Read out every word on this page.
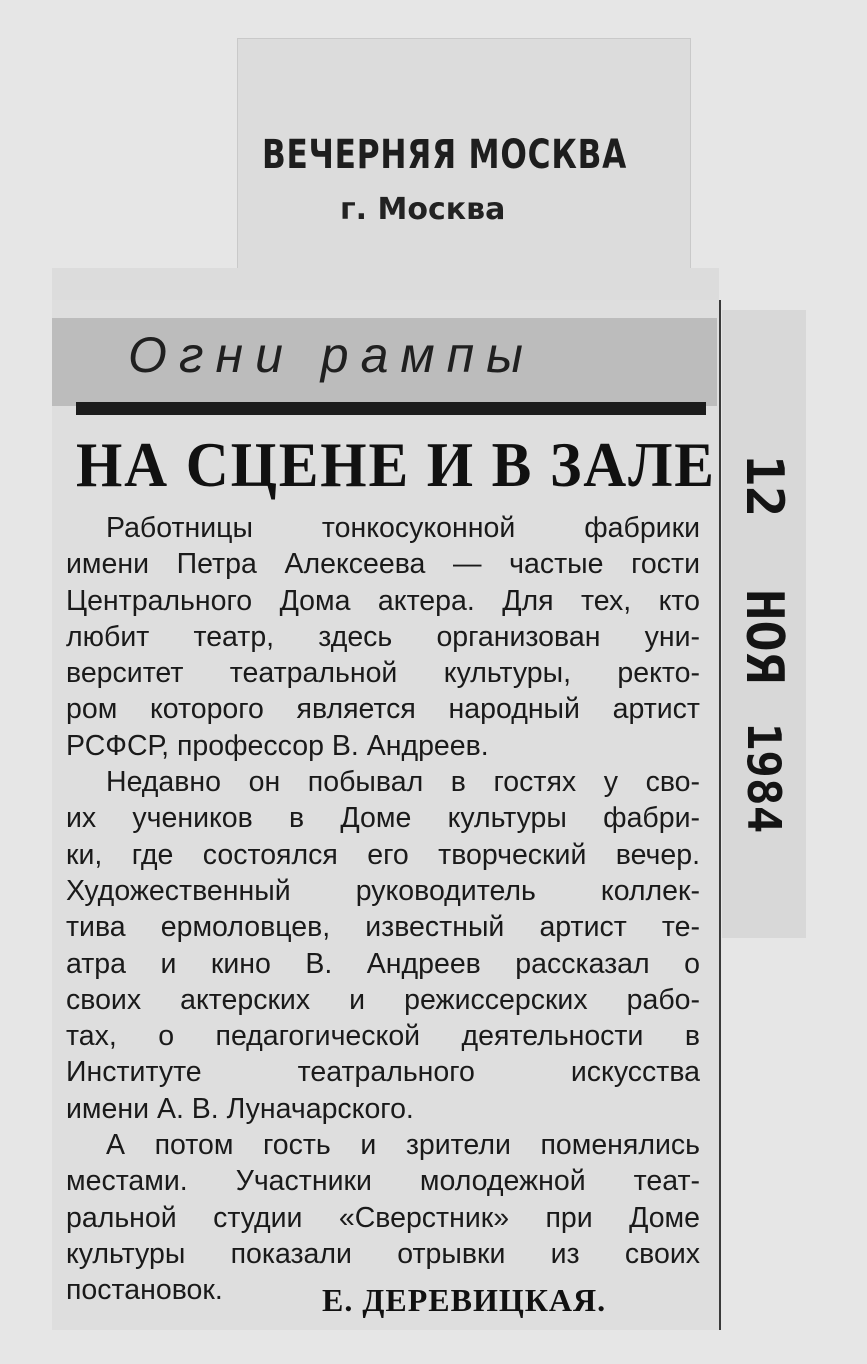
ВЕЧЕРНЯЯ МОСКВА
г. Москва
Огни рампы
НА СЦЕНЕ И В ЗАЛЕ
Работницы тонкосуконной фабрики
имени Петра Алексеева — частые гости
Центрального Дома актера. Для тех, кто
любит театр, здесь организован уни-
верситет театральной культуры, ректо-
ром которого является народный артист
РСФСР, профессор В. Андреев.
Недавно он побывал в гостях у сво-
их учеников в Доме культуры фабри-
ки, где состоялся его творческий вечер.
Художественный руководитель коллек-
тива ермоловцев, известный артист те-
атра и кино В. Андреев рассказал о
своих актерских и режиссерских рабо-
тах, о педагогической деятельности в
Институте театрального искусства
имени А. В. Луначарского.
А потом гость и зрители поменялись
местами. Участники молодежной теат-
ральной студии «Сверстник» при Доме
культуры показали отрывки из своих
постановок.	Е. ДЕРЕВИЦКАЯ.
12
НОЯ
1984
